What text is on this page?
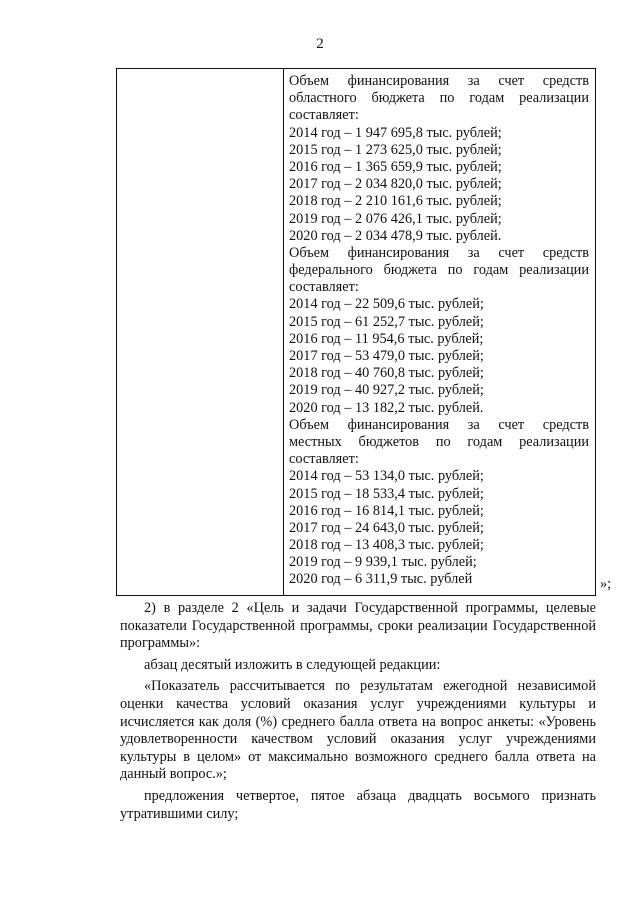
2
Объем финансирования за счет средств
областного бюджета по годам реализации
составляет:
2014 год – 1 947 695,8 тыс. рублей;
2015 год – 1 273 625,0 тыс. рублей;
2016 год – 1 365 659,9 тыс. рублей;
2017 год – 2 034 820,0 тыс. рублей;
2018 год – 2 210 161,6 тыс. рублей;
2019 год – 2 076 426,1 тыс. рублей;
2020 год – 2 034 478,9 тыс. рублей.
Объем финансирования за счет средств
федерального бюджета по годам реализации
составляет:
2014 год – 22 509,6 тыс. рублей;
2015 год – 61 252,7 тыс. рублей;
2016 год – 11 954,6 тыс. рублей;
2017 год – 53 479,0 тыс. рублей;
2018 год – 40 760,8 тыс. рублей;
2019 год – 40 927,2 тыс. рублей;
2020 год – 13 182,2 тыс. рублей.
Объем финансирования за счет средств
местных бюджетов по годам реализации
составляет:
2014 год – 53 134,0 тыс. рублей;
2015 год – 18 533,4 тыс. рублей;
2016 год – 16 814,1 тыс. рублей;
2017 год – 24 643,0 тыс. рублей;
2018 год – 13 408,3 тыс. рублей;
2019 год – 9 939,1 тыс. рублей;
2020 год – 6 311,9 тыс. рублей	»;
2) в разделе 2 «Цель и задачи Государственной программы, целевые
показатели Государственной программы, сроки реализации Государственной
программы»:
абзац десятый изложить в следующей редакции:
«Показатель рассчитывается по результатам ежегодной независимой
оценки качества условий оказания услуг учреждениями культуры и
исчисляется как доля (%) среднего балла ответа на вопрос анкеты: «Уровень
удовлетворенности качеством условий оказания услуг учреждениями
культуры в целом» от максимально возможного среднего балла ответа на
данный вопрос.»;
предложения четвертое, пятое абзаца двадцать восьмого признать
утратившими силу;
